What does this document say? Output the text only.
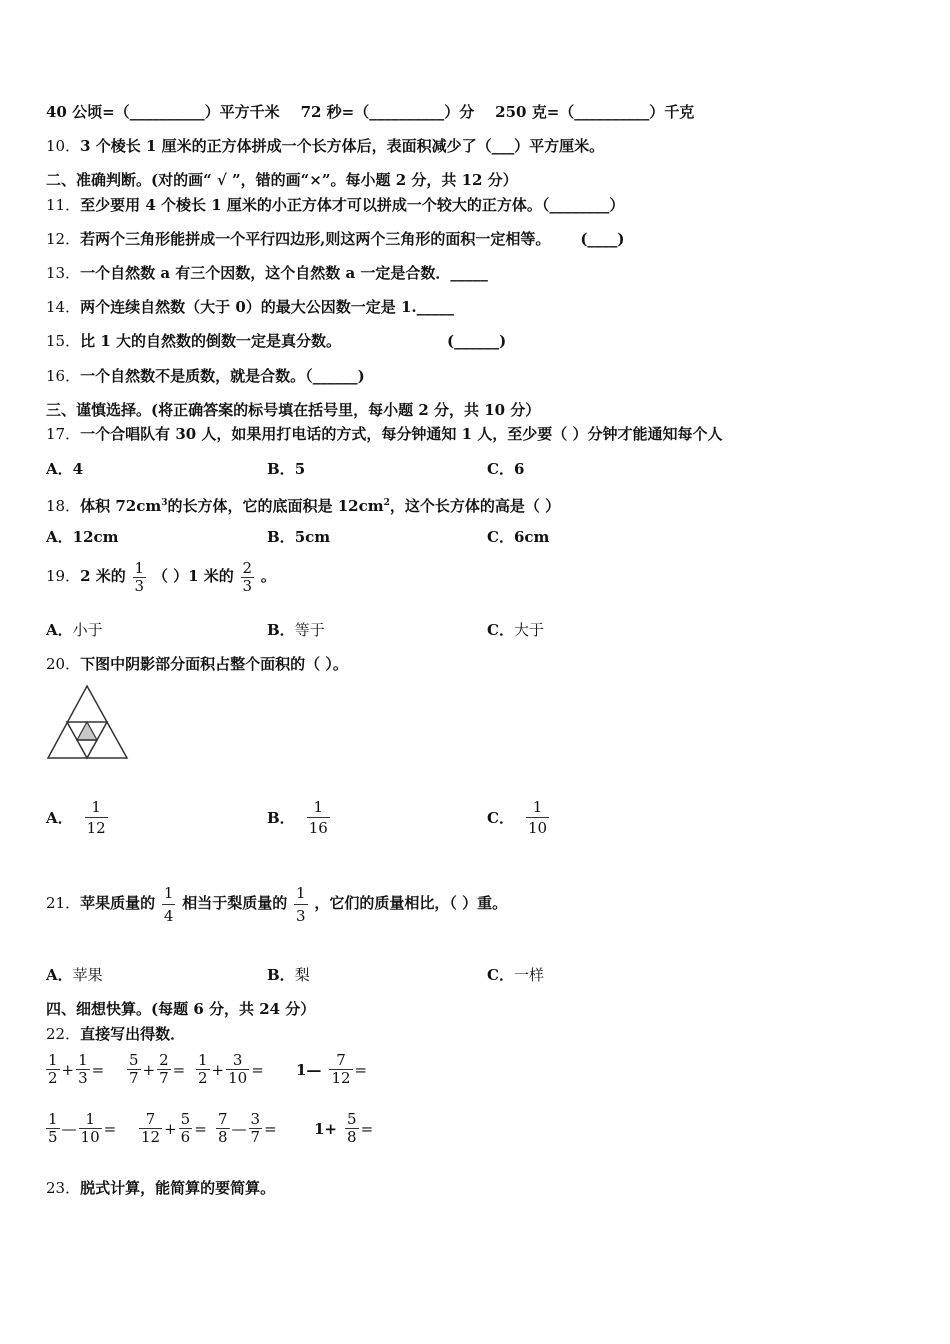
40 公顷=（__________）平方千米 72 秒=（__________）分 250 克=（__________）千克
10．3 个棱长 1 厘米的正方体拼成一个长方体后，表面积减少了（___）平方厘米。
二、准确判断。(对的画“ √ ”，错的画“×”。每小题 2 分，共 12 分）
11．至少要用 4 个棱长 1 厘米的小正方体才可以拼成一个较大的正方体。（________）
12．若两个三角形能拼成一个平行四边形,则这两个三角形的面积一定相等。 (____)
13．一个自然数 a 有三个因数，这个自然数 a 一定是合数．_____
14．两个连续自然数（大于 0）的最大公因数一定是 1._____
15．比 1 大的自然数的倒数一定是真分数。	(______)
16．一个自然数不是质数，就是合数。（______)
三、谨慎选择。(将正确答案的标号填在括号里，每小题 2 分，共 10 分）
17．一个合唱队有 30 人，如果用打电话的方式，每分钟通知 1 人，至少要（ ）分钟才能通知每个人
A．4	B．5	C．6
18．体积 $72cm^3$的长方体，它的底面积是 $12cm^2$，这个长方体的高是（ ）
A．12cm	B．5cm	C．6cm
19．2 米的 $\frac{1}{3}$ （ ）1 米的 $\frac{2}{3}$ 。
A．小于	B．等于	C．大于
20．下图中阴影部分面积占整个面积的（ ）。
A． $\frac{1}{12}$	B． $\frac{1}{16}$	C． $\frac{1}{10}$
21．苹果质量的 $\frac{1}{4}$ 相当于梨质量的 $\frac{1}{3}$ ，它们的质量相比，（ ）重。
A．苹果	B．梨	C．一样
四、细想快算。(每题 6 分，共 24 分）
22．直接写出得数．
$\frac{1}{2} + \frac{1}{3} = \frac{5}{7} + \frac{2}{7} = \frac{1}{2} + \frac{3}{10}$ = 1— $\frac{7}{12}$ =
$\frac{1}{5}$ — $\frac{1}{10} = \frac{7}{12} + \frac{5}{6} = \frac{7}{8}$ — $\frac{3}{7} = 1+ \frac{5}{8}$ =
23．脱式计算，能简算的要简算。
